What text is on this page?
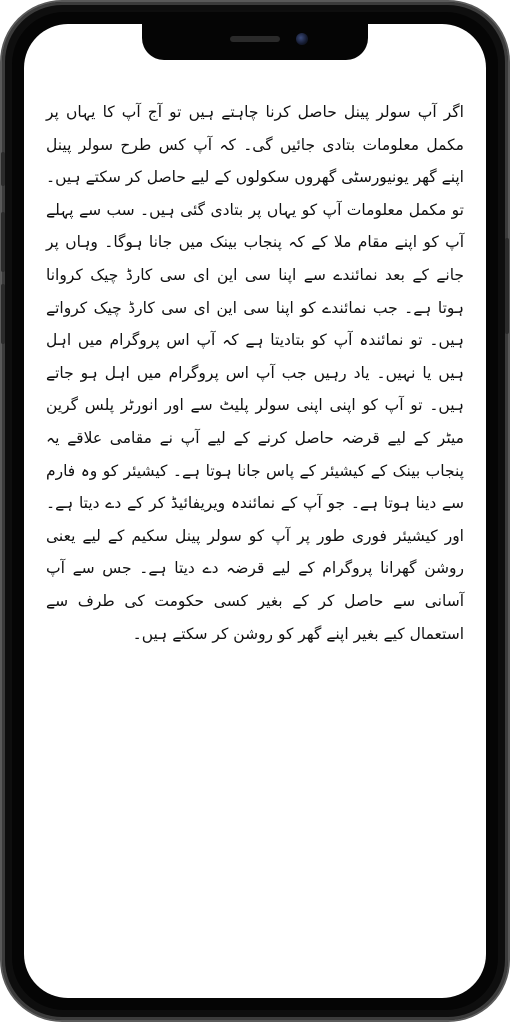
اگر آپ سولر پینل حاصل کرنا چاہتے ہیں تو آج آپ کا یہاں پر مکمل معلومات بتادی جائیں گی۔ کہ آپ کس طرح سولر پینل اپنے گھر یونیورسٹی گھروں سکولوں کے لیے حاصل کر سکتے ہیں۔ تو مکمل معلومات آپ کو یہاں پر بتادی گئی ہیں۔ سب سے پہلے آپ کو اپنے مقام ملا کے کہ پنجاب بینک میں جانا ہوگا۔ وہاں پر جانے کے بعد نمائندے سے اپنا سی این ای سی کارڈ چیک کروانا ہوتا ہے۔ جب نمائندے کو اپنا سی این ای سی کارڈ چیک کرواتے ہیں۔ تو نمائندہ آپ کو بتادیتا ہے کہ آپ اس پروگرام میں اہل ہیں یا نہیں۔ یاد رہیں جب آپ اس پروگرام میں اہل ہو جاتے ہیں۔ تو آپ کو اپنی اپنی سولر پلیٹ سے اور انورٹر پلس گرین میٹر کے لیے قرضہ حاصل کرنے کے لیے آپ نے مقامی علاقے یہ پنجاب بینک کے کیشیئر کے پاس جانا ہوتا ہے۔ کیشیئر کو وہ فارم سے دینا ہوتا ہے۔ جو آپ کے نمائندہ ویریفائیڈ کر کے دے دیتا ہے۔ اور کیشیئر فوری طور پر آپ کو سولر پینل سکیم کے لیے یعنی روشن گھرانا پروگرام کے لیے قرضہ دے دیتا ہے۔ جس سے آپ آسانی سے حاصل کر کے بغیر کسی حکومت کی طرف سے استعمال کیے بغیر اپنے گھر کو روشن کر سکتے ہیں۔
